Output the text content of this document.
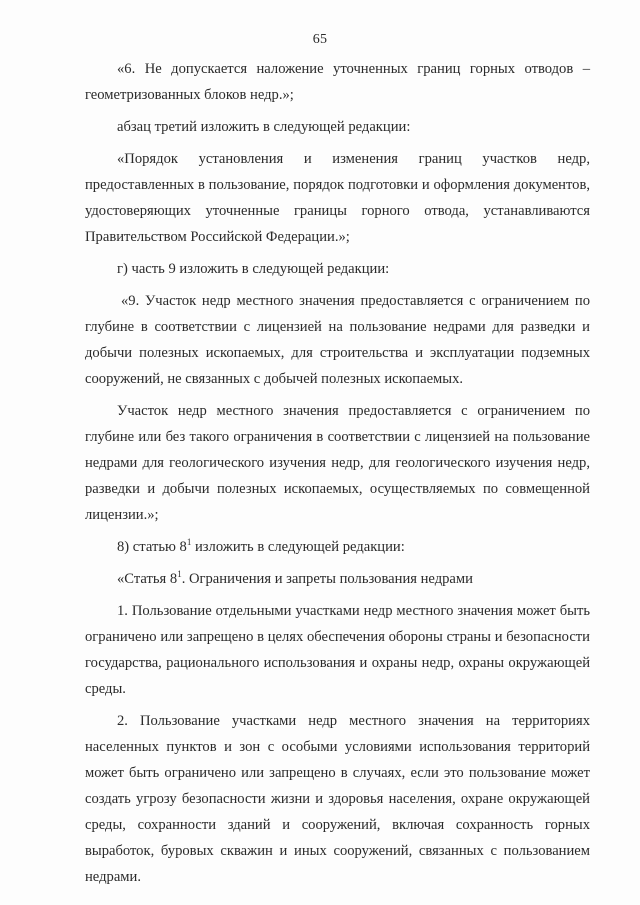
65

«6. Не допускается наложение уточненных границ горных отводов – геометризованных блоков недр.»;

абзац третий изложить в следующей редакции:

«Порядок установления и изменения границ участков недр, предоставленных в пользование, порядок подготовки и оформления документов, удостоверяющих уточненные границы горного отвода, устанавливаются Правительством Российской Федерации.»;

г) часть 9 изложить в следующей редакции:

«9. Участок недр местного значения предоставляется с ограничением по глубине в соответствии с лицензией на пользование недрами для разведки и добычи полезных ископаемых, для строительства и эксплуатации подземных сооружений, не связанных с добычей полезных ископаемых.

Участок недр местного значения предоставляется с ограничением по глубине или без такого ограничения в соответствии с лицензией на пользование недрами для геологического изучения недр, для геологического изучения недр, разведки и добычи полезных ископаемых, осуществляемых по совмещенной лицензии.»;

8) статью $8^1$ изложить в следующей редакции:

«Статья $8^1$. Ограничения и запреты пользования недрами

1. Пользование отдельными участками недр местного значения может быть ограничено или запрещено в целях обеспечения обороны страны и безопасности государства, рационального использования и охраны недр, охраны окружающей среды.

2. Пользование участками недр местного значения на территориях населенных пунктов и зон с особыми условиями использования территорий может быть ограничено или запрещено в случаях, если это пользование может создать угрозу безопасности жизни и здоровья населения, охране окружающей среды, сохранности зданий и сооружений, включая сохранность горных выработок, буровых скважин и иных сооружений, связанных с пользованием недрами.
